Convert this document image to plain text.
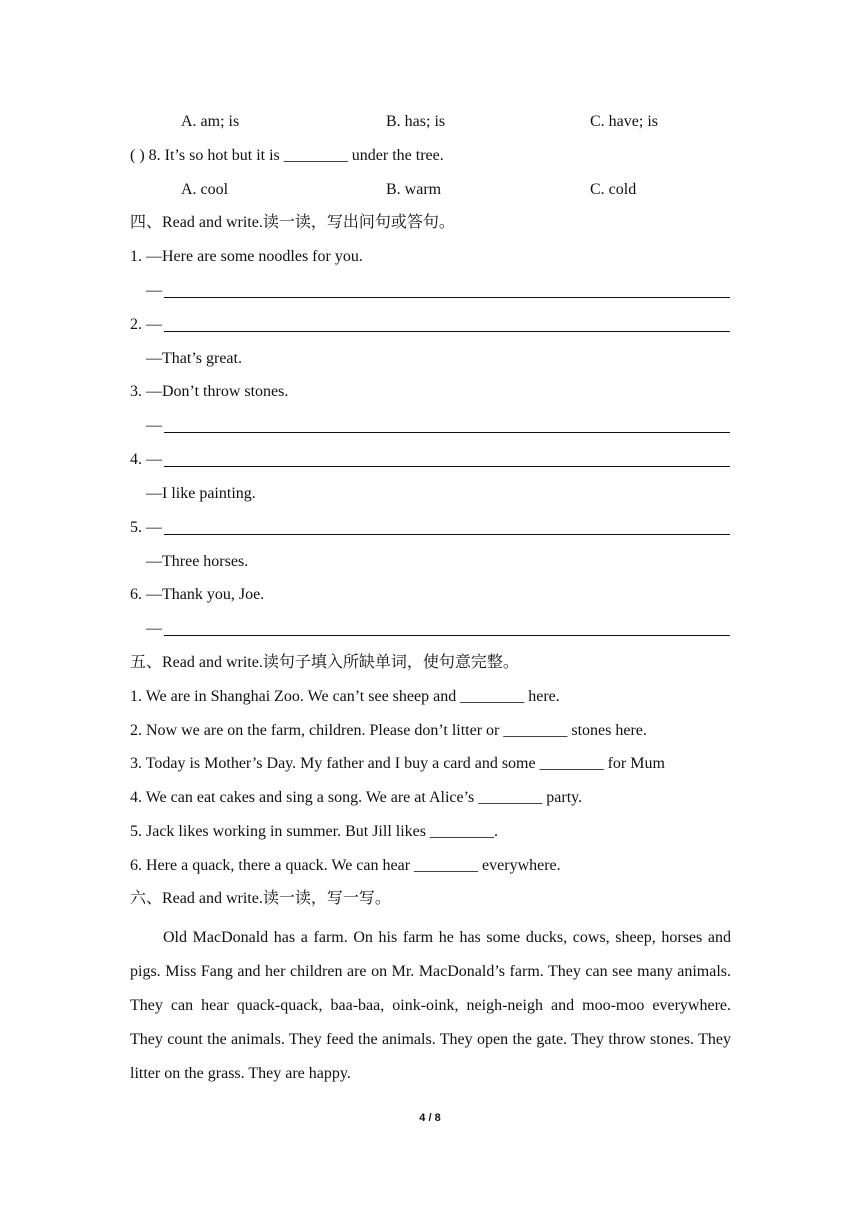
A. am; is	B. has; is	C. have; is
( ) 8. It’s so hot but it is ________ under the tree.
A. cool	B. warm	C. cold
四、Read and write.读一读，写出问句或答句。
1. —Here are some noodles for you.
—
2. —
—That’s great.
3. —Don’t throw stones.
—
4. —
—I like painting.
5. —
—Three horses.
6. —Thank you, Joe.
—
五、Read and write.读句子填入所缺单词，使句意完整。
1. We are in Shanghai Zoo. We can’t see sheep and ________ here.
2. Now we are on the farm, children. Please don’t litter or ________ stones here.
3. Today is Mother’s Day. My father and I buy a card and some ________ for Mum
4. We can eat cakes and sing a song. We are at Alice’s ________ party.
5. Jack likes working in summer. But Jill likes ________.
6. Here a quack, there a quack. We can hear ________ everywhere.
六、Read and write.读一读，写一写。

Old MacDonald has a farm. On his farm he has some ducks, cows, sheep, horses and pigs. Miss Fang and her children are on Mr. MacDonald’s farm. They can see many animals. They can hear quack-quack, baa-baa, oink-oink, neigh-neigh and moo-moo everywhere. They count the animals. They feed the animals. They open the gate. They throw stones. They litter on the grass. They are happy.

4 / 8
